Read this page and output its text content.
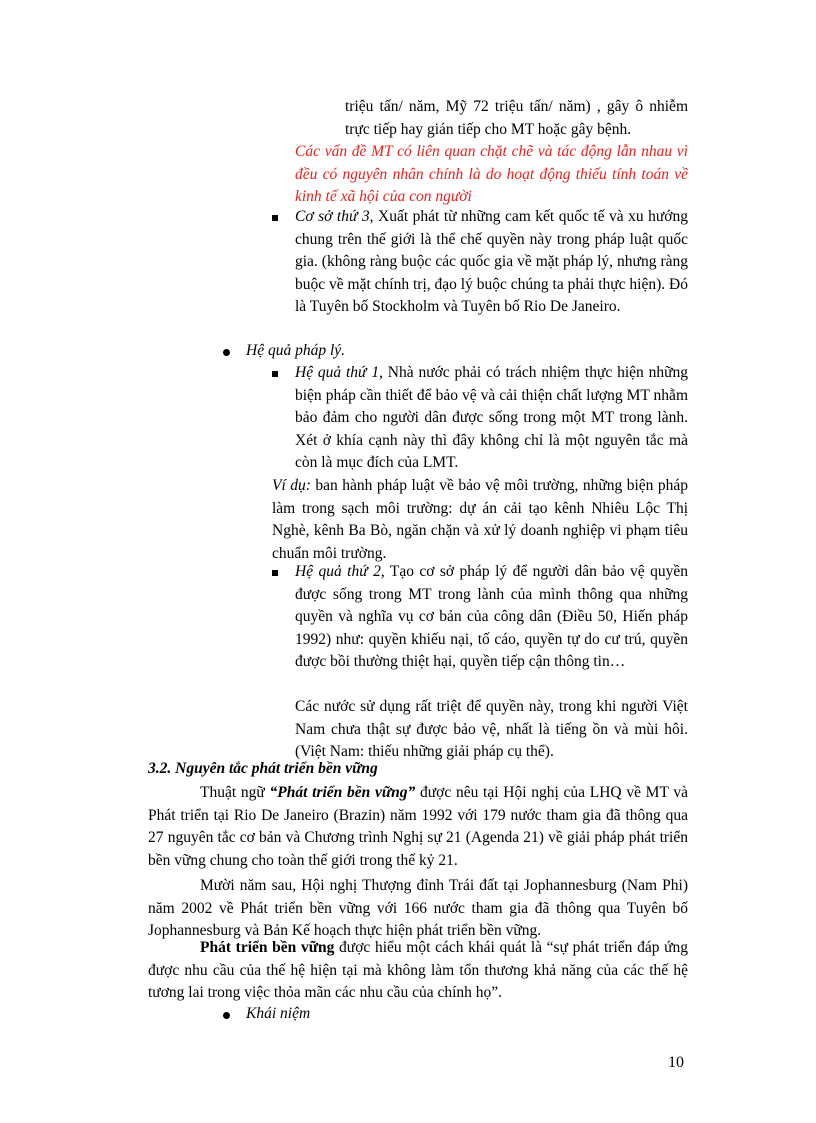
triệu tấn/ năm, Mỹ 72 triệu tấn/ năm) , gây ô nhiễm trực tiếp hay gián tiếp cho MT hoặc gây bệnh.

Các vấn đề MT có liên quan chặt chẽ và tác động lẫn nhau vì đều có nguyên nhân chính là do hoạt động thiếu tính toán về kinh tế xã hội của con người

Cơ sở thứ 3, Xuất phát từ những cam kết quốc tế và xu hướng chung trên thế giới là thể chế quyền này trong pháp luật quốc gia. (không ràng buộc các quốc gia về mặt pháp lý, nhưng ràng buộc về mặt chính trị, đạo lý buộc chúng ta phải thực hiện). Đó là Tuyên bố Stockholm và Tuyên bố Rio De Janeiro.

Hệ quả pháp lý.

Hệ quả thứ 1, Nhà nước phải có trách nhiệm thực hiện những biện pháp cần thiết để bảo vệ và cải thiện chất lượng MT nhằm bảo đảm cho người dân được sống trong một MT trong lành. Xét ở khía cạnh này thì đây không chỉ là một nguyên tắc mà còn là mục đích của LMT.

Ví dụ: ban hành pháp luật về bảo vệ môi trường, những biện pháp làm trong sạch môi trường: dự án cải tạo kênh Nhiêu Lộc Thị Nghè, kênh Ba Bò, ngăn chặn và xử lý doanh nghiệp vi phạm tiêu chuẩn môi trường.

Hệ quả thứ 2, Tạo cơ sở pháp lý để người dân bảo vệ quyền được sống trong MT trong lành của mình thông qua những quyền và nghĩa vụ cơ bản của công dân (Điều 50, Hiến pháp 1992) như: quyền khiếu nại, tố cáo, quyền tự do cư trú, quyền được bồi thường thiệt hại, quyền tiếp cận thông tin…

Các nước sử dụng rất triệt để quyền này, trong khi người Việt Nam chưa thật sự được bảo vệ, nhất là tiếng ồn và mùi hôi. (Việt Nam: thiếu những giải pháp cụ thể).

3.2. Nguyên tắc phát triển bền vững

Thuật ngữ “Phát triển bền vững” được nêu tại Hội nghị của LHQ về MT và Phát triển tại Rio De Janeiro (Brazin) năm 1992 với 179 nước tham gia đã thông qua 27 nguyên tắc cơ bản và Chương trình Nghị sự 21 (Agenda 21) về giải pháp phát triển bền vững chung cho toàn thế giới trong thế kỷ 21.

Mười năm sau, Hội nghị Thượng đỉnh Trái đất tại Jophannesburg (Nam Phi) năm 2002 về Phát triển bền vững với 166 nước tham gia đã thông qua Tuyên bố Jophannesburg và Bản Kế hoạch thực hiện phát triển bền vững.

Phát triển bền vững được hiểu một cách khái quát là “sự phát triển đáp ứng được nhu cầu của thế hệ hiện tại mà không làm tổn thương khả năng của các thế hệ tương lai trong việc thỏa mãn các nhu cầu của chính họ”.

Khái niệm

10
